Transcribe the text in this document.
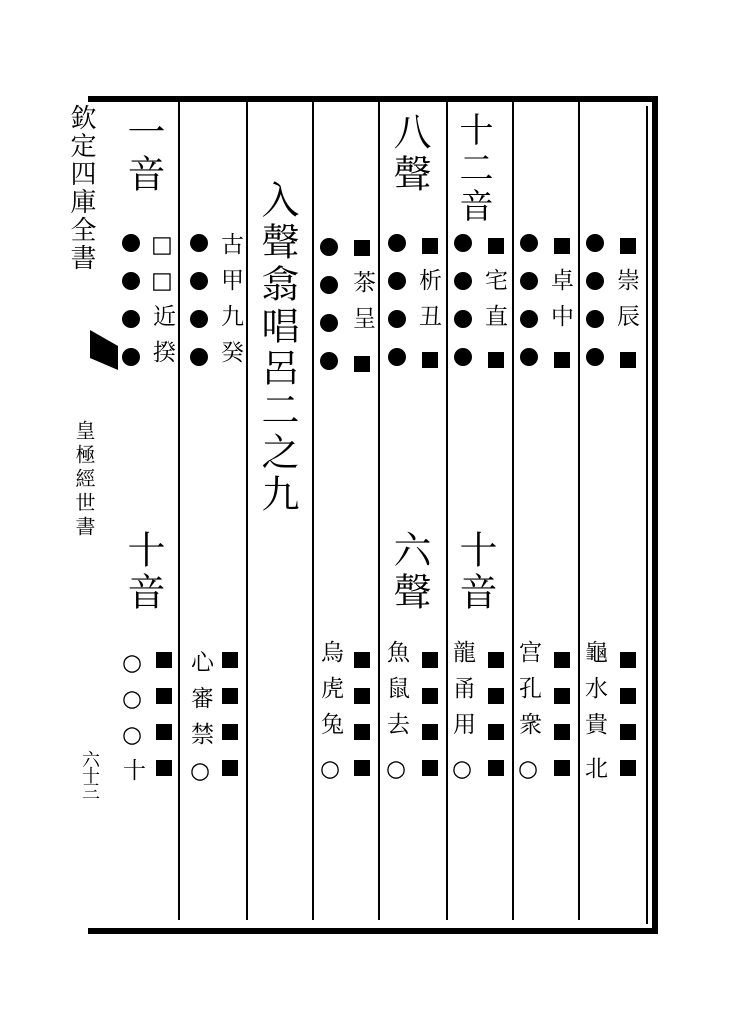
欽定四庫全書
皇極經世書
六十三
入聲翕唱呂二之九
一音
□
□
近
揆
十音
○
○
○
十
古
甲
九
癸
心
審
禁
○
茶
呈
烏
虎
兔
○
八聲
析
丑
六聲
魚
鼠
去
○
十二音
宅
直
十音
龍
甬
用
○
卓
中
宫
孔
衆
○
崇
辰
龜
水
貴
北
